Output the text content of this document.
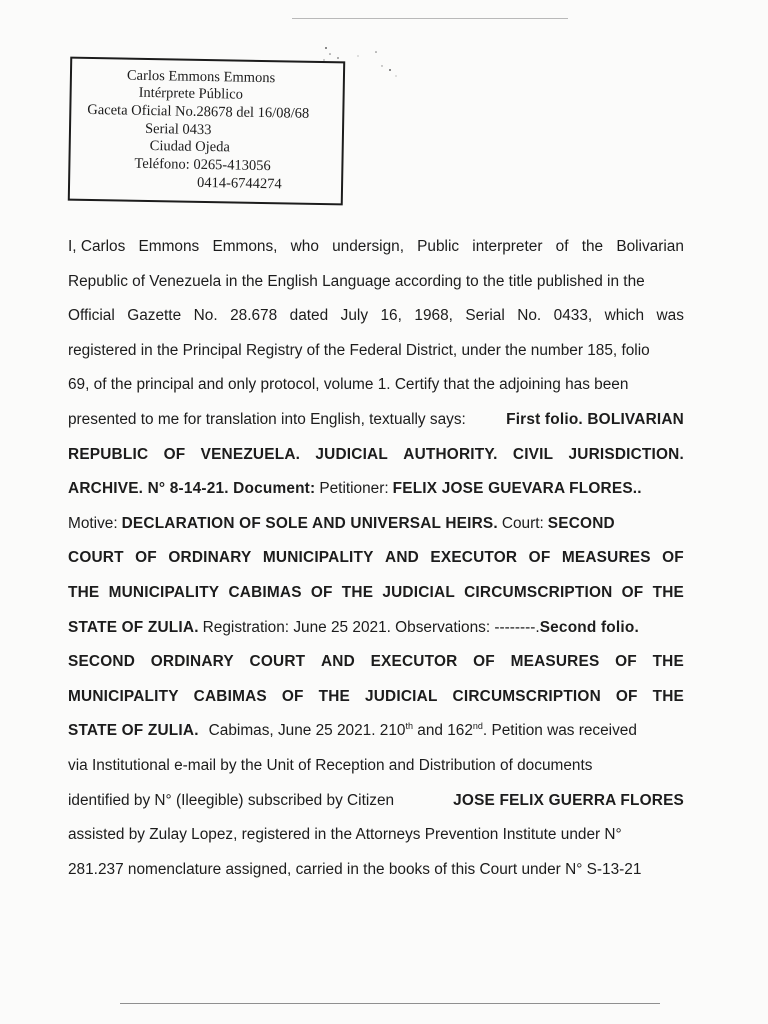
Carlos Emmons Emmons
Intérprete Público
Gaceta Oficial No.28678 del 16/08/68
Serial 0433
Ciudad Ojeda
Teléfono: 0265-413056
0414-6744274
I, Carlos Emmons Emmons, who undersign, Public interpreter of the Bolivarian
Republic of Venezuela in the English Language according to the title published in the
Official Gazette No. 28.678 dated July 16, 1968, Serial No. 0433, which was
registered in the Principal Registry of the Federal District, under the number 185, folio
69, of the principal and only protocol, volume 1. Certify that the adjoining has been
presented to me for translation into English, textually says:	First folio. BOLIVARIAN
REPUBLIC OF VENEZUELA. JUDICIAL AUTHORITY. CIVIL JURISDICTION.
ARCHIVE. N° 8-14-21. Document: Petitioner: FELIX JOSE GUEVARA FLORES..
Motive: DECLARATION OF SOLE AND UNIVERSAL HEIRS. Court: SECOND
COURT OF ORDINARY MUNICIPALITY AND EXECUTOR OF MEASURES OF
THE MUNICIPALITY CABIMAS OF THE JUDICIAL CIRCUMSCRIPTION OF THE
STATE OF ZULIA. Registration: June 25 2021. Observations: --------. Second folio.
SECOND ORDINARY COURT AND EXECUTOR OF MEASURES OF THE
MUNICIPALITY CABIMAS OF THE JUDICIAL CIRCUMSCRIPTION OF THE
STATE OF ZULIA. Cabimas, June 25 2021. 210th and 162nd. Petition was received
via Institutional e-mail by the Unit of Reception and Distribution of documents
identified by N° (Ileegible) subscribed by Citizen	JOSE FELIX GUERRA FLORES
assisted by Zulay Lopez, registered in the Attorneys Prevention Institute under N°
281.237 nomenclature assigned, carried in the books of this Court under N° S-13-21
